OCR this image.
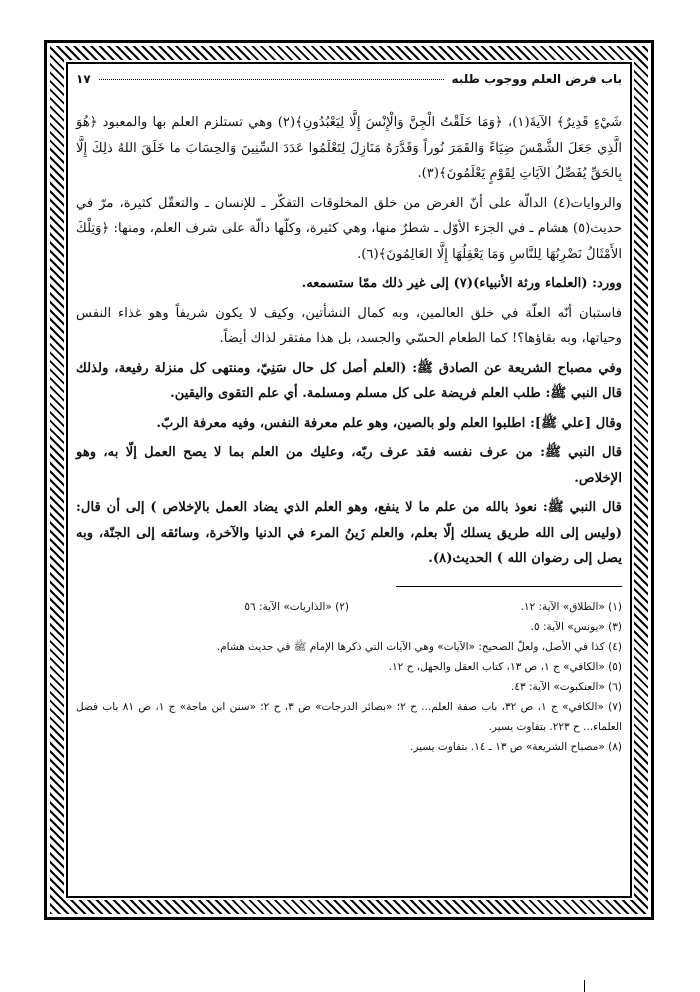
باب فرض العلم ووجوب طلبه
١٧

شَيْءٍ قَدِيرٌ﴾ الآيةَ(١)، ﴿وَمَا خَلَقْتُ الْجِنَّ وَالْإِنْسَ إِلَّا لِيَعْبُدُونِ﴾(٢) وهي تستلزم العلم بها والمعبود ﴿هُوَ الَّذِي جَعَلَ الشَّمْسَ ضِيَاءً وَالقَمَرَ نُوراً وَقَدَّرَهُ مَنَازِلَ لِتَعْلَمُوا عَدَدَ السِّنِينَ وَالحِسَابَ ما خَلَقَ اللهُ ذلِكَ إِلَّا بِالحَقِّ يُفَصِّلُ الآيَاتِ لِقَوْمٍ يَعْلَمُونَ﴾(٣).

والروايات(٤) الدالّة على أنّ الغرض من خلق المخلوقات التفكّر ـ للإنسان ـ والتعقّل كثيرة، مرّ في حديث(٥) هشام ـ في الجزء الأوّل ـ شطرٌ منها، وهي كثيرة، وكلّها دالّة على شرف العلم، ومنها: ﴿وَتِلْكَ الأَمْثَالُ نَضْرِبُهَا لِلنَّاسِ وَمَا يَعْقِلُهَا إِلَّا العَالِمُونَ﴾(٦).

وورد: (العلماء ورثة الأنبياء)(٧) إلى غير ذلك ممّا ستسمعه.

فاستبان أنّه العلّة في خلق العالمين، وبه كمال النشأتين، وكيف لا يكون شريفاً وهو غذاء النفس وحياتها، وبه بقاؤها؟! كما الطعام الحسّي والجسد، بل هذا مفتقر لذاك أيضاً.

وفي مصباح الشريعة عن الصادق ﷺ: (العلم أصل كل حال سَنِيّ، ومنتهى كل منزلة رفيعة، ولذلك قال النبي ﷺ: طلب العلم فريضة على كل مسلم ومسلمة. أي علم التقوى واليقين.

وقال [علي ﷺ]: اطلبوا العلم ولو بالصين، وهو علم معرفة النفس، وفيه معرفة الربّ.

قال النبي ﷺ: من عرف نفسه فقد عرف ربّه، وعليك من العلم بما لا يصح العمل إلّا به، وهو الإخلاص.

قال النبي ﷺ: نعوذ بالله من علم ما لا ينفع، وهو العلم الذي يضاد العمل بالإخلاص ) إلى أن قال: (وليس إلى الله طريق يسلك إلّا بعلم، والعلم زَينُ المرء في الدنيا والآخرة، وسائقه إلى الجنّة، وبه يصل إلى رضوان الله ) الحديث(٨).

(١) «الطلاق» الآية: ١٢.
(٢) «الذاريات» الآية: ٥٦
(٣) «يونس» الآية: ٥.
(٤) كذا في الأصل، ولعلّ الصحيح: «الآيات» وهي الآيات التي ذكرها الإمام ﷺ في حديث هشام.
(٥) «الكافي» ج ١، ص ١٣، كتاب العقل والجهل، ح ١٢.
(٦) «العنكبوت» الآية: ٤٣.
(٧) «الكافي» ج ١، ص ٣٢، باب صفة العلم... ح ٢؛ «بصائر الدرجات» ص ٣، ح ٢؛ «سنن ابن ماجة» ج ١، ص ٨١ باب فضل العلماء... ح ٢٢٣. بتفاوت يسير.
(٨) «مصباح الشريعة» ص ١٣ ـ ١٤. بتفاوت يسير.
